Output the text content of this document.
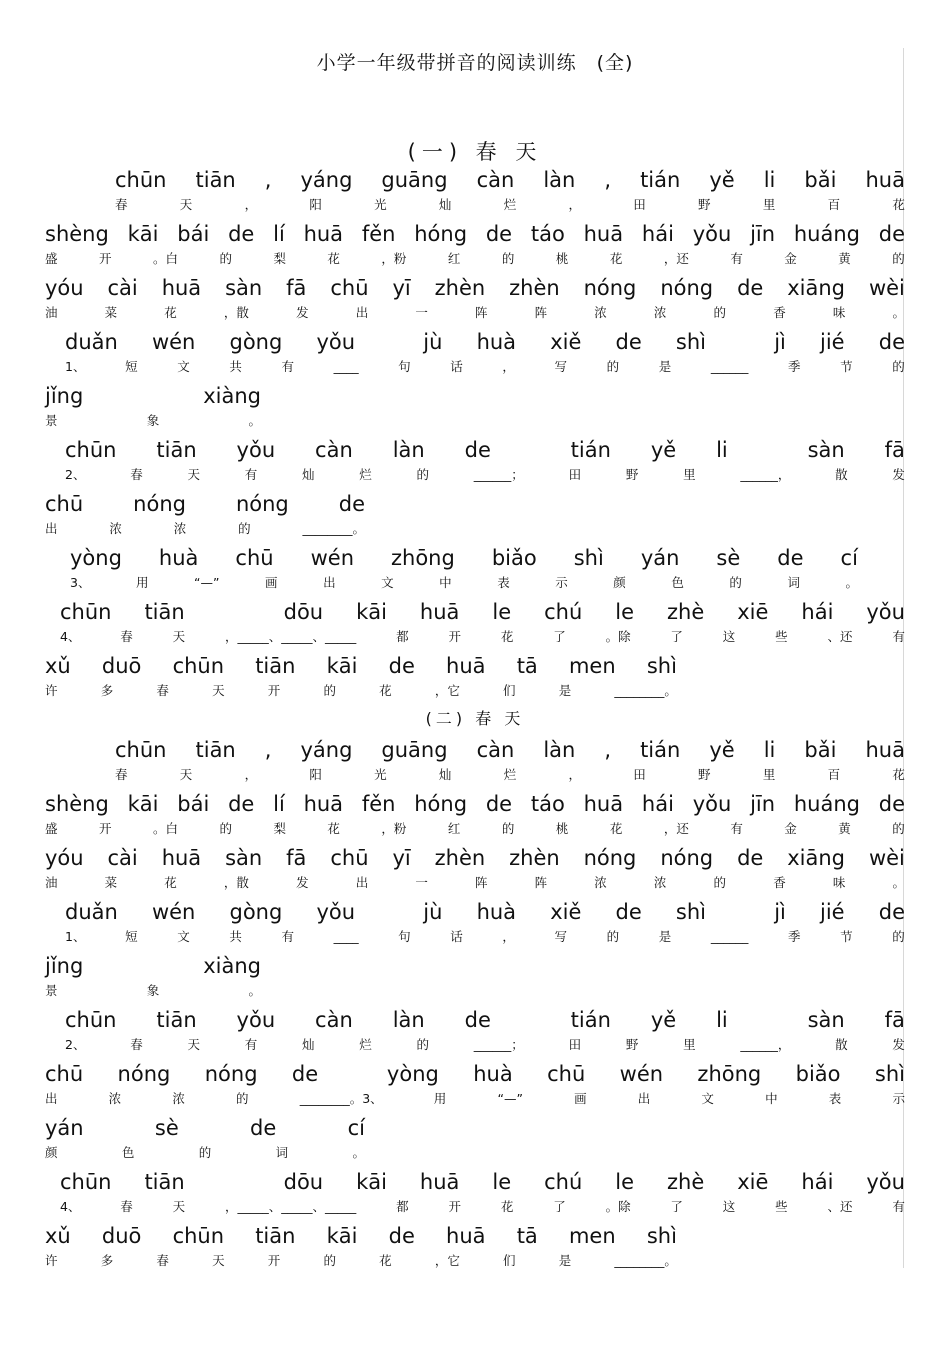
小学一年级带拼音的阅读训练　(全)
(一) 春 天
(二) 春 天
chūn tiān , yáng guāng càn làn , tián yě li bǎi huā
春	天	，	阳	光	灿	烂	，	田	野	里	百	花
shèng kāi bái de lí huā fěn hóng de táo huā hái yǒu jīn huáng de
盛	开	。白	的	梨	花	，粉	红	的	桃	花	，还	有	金	黄	的
yóu cài huā sàn fā chū yī zhèn zhèn nóng nóng de xiāng wèi
油	菜	花	，散	发	出	一	阵	阵	浓	浓	的	香	味	。
duǎn wén gòng yǒu	jù huà xiě de shì	jì jié de
1、	短	文	共	有	____	句	话	，	写	的	是	______	季	节	的
jǐng	xiàng
景	象	。
chūn tiān yǒu càn làn de	tián yě li	sàn fā
2、	春	天	有	灿	烂	的	______；	田	野	里	______，	散	发
chū nóng nóng de
出	浓	浓	的	________。
yòng huà chū wén zhōng biǎo shì yán sè de cí
3、	用	“—”	画	出	文	中	表	示	颜	色	的	词	。
chūn tiān	dōu kāi huā le chú le zhè xiē hái yǒu
4、	春	天	，_____、_____、_____	都	开	花	了	。除	了	这	些	、还	有
xǔ duō chūn tiān kāi de huā tā men shì
许	多	春	天	开	的	花	，它	们	是	________。
chūn tiān , yáng guāng càn làn , tián yě li bǎi huā
春	天	，	阳	光	灿	烂	，	田	野	里	百	花
shèng kāi bái de lí huā fěn hóng de táo huā hái yǒu jīn huáng de
盛	开	。白	的	梨	花	，粉	红	的	桃	花	，还	有	金	黄	的
yóu cài huā sàn fā chū yī zhèn zhèn nóng nóng de xiāng wèi
油	菜	花	，散	发	出	一	阵	阵	浓	浓	的	香	味	。
duǎn wén gòng yǒu	jù huà xiě de shì	jì jié de
1、	短	文	共	有	____	句	话	，	写	的	是	______	季	节	的
jǐng	xiàng
景	象	。
chūn tiān yǒu càn làn de	tián yě li	sàn fā
2、	春	天	有	灿	烂	的	______；	田	野	里	______，	散	发
chū nóng nóng de	yòng huà chū wén zhōng biǎo shì
出	浓	浓	的	________。3、	用	“—”	画	出	文	中	表	示
yán	sè	de	cí
颜	色	的	词	。
chūn tiān	dōu kāi huā le chú le zhè xiē hái yǒu
4、	春	天	，_____、_____、_____	都	开	花	了	。除	了	这	些	、还	有
xǔ duō chūn tiān kāi de huā tā men shì
许	多	春	天	开	的	花	，它	们	是	________。
